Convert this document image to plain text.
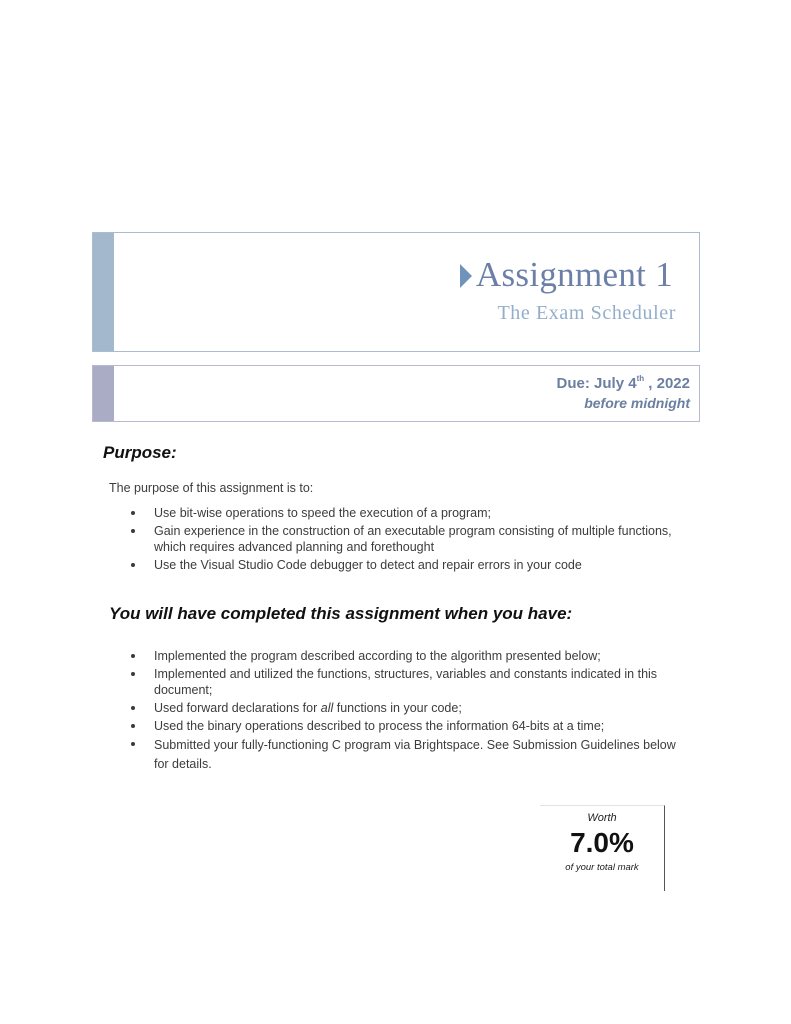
Assignment 1
The Exam Scheduler
Due: July 4th , 2022
before midnight
Purpose:
The purpose of this assignment is to:
Use bit-wise operations to speed the execution of a program;
Gain experience in the construction of an executable program consisting of multiple functions, which requires advanced planning and forethought
Use the Visual Studio Code debugger to detect and repair errors in your code
You will have completed this assignment when you have:
Implemented the program described according to the algorithm presented below;
Implemented and utilized the functions, structures, variables and constants indicated in this document;
Used forward declarations for all functions in your code;
Used the binary operations described to process the information 64-bits at a time;
Submitted your fully-functioning C program via Brightspace. See Submission Guidelines below for details.
Worth
7.0%
of your total mark
